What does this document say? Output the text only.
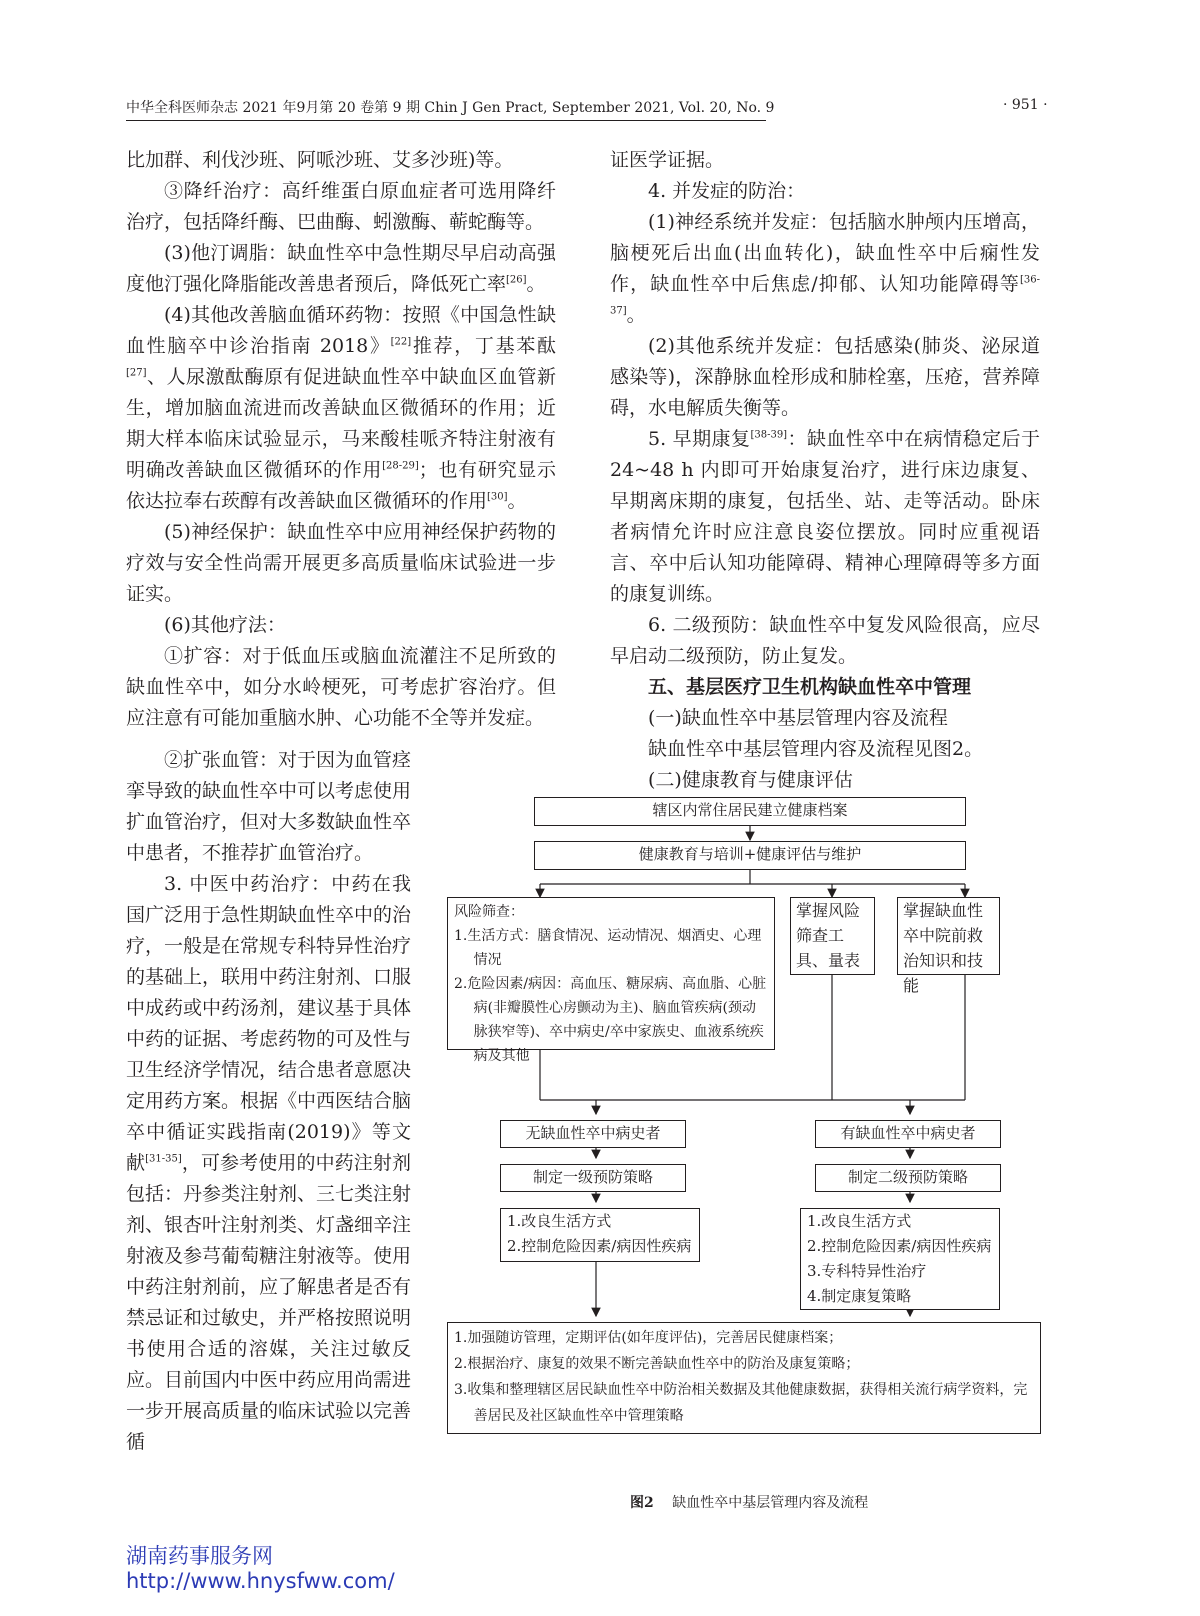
中华全科医师杂志 2021 年9月第 20 卷第 9 期 Chin J Gen Pract, September 2021, Vol. 20, No. 9	· 951 ·

比加群、利伐沙班、阿哌沙班、艾多沙班)等。

③降纤治疗：高纤维蛋白原血症者可选用降纤治疗，包括降纤酶、巴曲酶、蚓激酶、蕲蛇酶等。

(3)他汀调脂：缺血性卒中急性期尽早启动高强度他汀强化降脂能改善患者预后，降低死亡率[26]。

(4)其他改善脑血循环药物：按照《中国急性缺血性脑卒中诊治指南 2018》[22]推荐，丁基苯酞[27]、人尿激酞酶原有促进缺血性卒中缺血区血管新生，增加脑血流进而改善缺血区微循环的作用；近期大样本临床试验显示，马来酸桂哌齐特注射液有明确改善缺血区微循环的作用[28-29]；也有研究显示依达拉奉右莰醇有改善缺血区微循环的作用[30]。

(5)神经保护：缺血性卒中应用神经保护药物的疗效与安全性尚需开展更多高质量临床试验进一步证实。

(6)其他疗法：

①扩容：对于低血压或脑血流灌注不足所致的缺血性卒中，如分水岭梗死，可考虑扩容治疗。但应注意有可能加重脑水肿、心功能不全等并发症。

②扩张血管：对于因为血管痉挛导致的缺血性卒中可以考虑使用扩血管治疗，但对大多数缺血性卒中患者，不推荐扩血管治疗。

3. 中医中药治疗：中药在我国广泛用于急性期缺血性卒中的治疗，一般是在常规专科特异性治疗的基础上，联用中药注射剂、口服中成药或中药汤剂，建议基于具体中药的证据、考虑药物的可及性与卫生经济学情况，结合患者意愿决定用药方案。根据《中西医结合脑卒中循证实践指南(2019)》等文献[31-35]，可参考使用的中药注射剂包括：丹参类注射剂、三七类注射剂、银杏叶注射剂类、灯盏细辛注射液及参芎葡萄糖注射液等。使用中药注射剂前，应了解患者是否有禁忌证和过敏史，并严格按照说明书使用合适的溶媒，关注过敏反应。目前国内中医中药应用尚需进一步开展高质量的临床试验以完善循

证医学证据。

4. 并发症的防治：

(1)神经系统并发症：包括脑水肿颅内压增高，脑梗死后出血(出血转化)，缺血性卒中后痫性发作，缺血性卒中后焦虑/抑郁、认知功能障碍等[36-37]。

(2)其他系统并发症：包括感染(肺炎、泌尿道感染等)，深静脉血栓形成和肺栓塞，压疮，营养障碍，水电解质失衡等。

5. 早期康复[38-39]：缺血性卒中在病情稳定后于 24~48 h 内即可开始康复治疗，进行床边康复、早期离床期的康复，包括坐、站、走等活动。卧床者病情允许时应注意良姿位摆放。同时应重视语言、卒中后认知功能障碍、精神心理障碍等多方面的康复训练。

6. 二级预防：缺血性卒中复发风险很高，应尽早启动二级预防，防止复发。

五、基层医疗卫生机构缺血性卒中管理

(一)缺血性卒中基层管理内容及流程

缺血性卒中基层管理内容及流程见图2。

(二)健康教育与健康评估

辖区内常住居民建立健康档案
健康教育与培训+健康评估与维护

风险筛查：

1.生活方式：膳食情况、运动情况、烟酒史、心理情况

2.危险因素/病因：高血压、糖尿病、高血脂、心脏病(非瓣膜性心房颤动为主)、脑血管疾病(颈动脉狭窄等)、卒中病史/卒中家族史、血液系统疾病及其他

掌握风险筛查工具、量表
掌握缺血性卒中院前救治知识和技能
无缺血性卒中病史者	有缺血性卒中病史者
制定一级预防策略	制定二级预防策略

1.改良生活方式

2.控制危险因素/病因性疾病

1.改良生活方式

2.控制危险因素/病因性疾病

3.专科特异性治疗

4.制定康复策略

1.加强随访管理，定期评估(如年度评估)，完善居民健康档案；

2.根据治疗、康复的效果不断完善缺血性卒中的防治及康复策略；

3.收集和整理辖区居民缺血性卒中防治相关数据及其他健康数据，获得相关流行病学资料，完善居民及社区缺血性卒中管理策略

图2 缺血性卒中基层管理内容及流程
湖南药事服务网
http://www.hnysfww.com/
